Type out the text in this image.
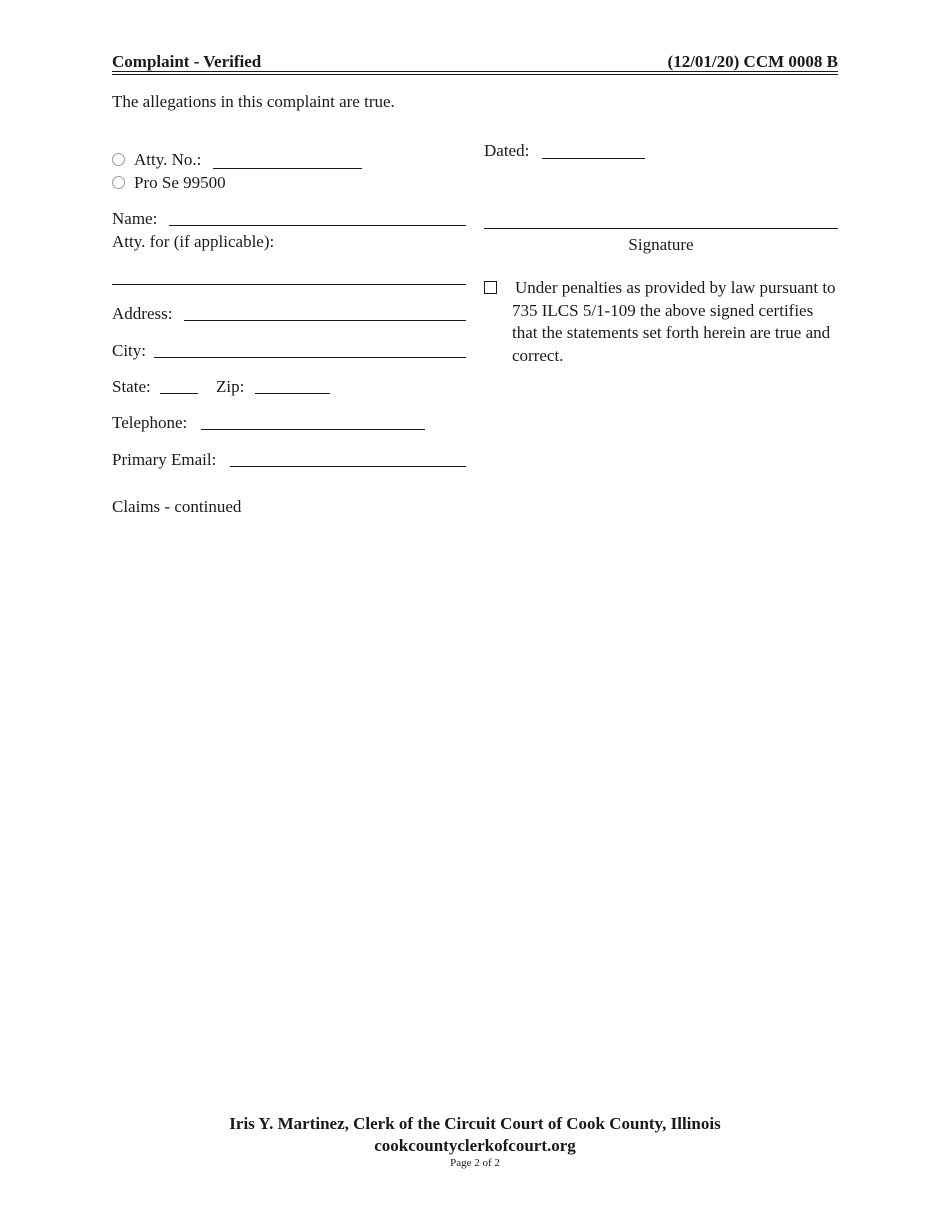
Complaint - Verified	(12/01/20) CCM 0008 B
The allegations in this complaint are true.
Atty. No.:
Pro Se 99500
Name:
Atty. for (if applicable):
Address:
City:
State:	Zip:
Telephone:
Primary Email:
Claims - continued
Dated:
Signature
Under penalties as provided by law pursuant to 735 ILCS 5/1-109 the above signed certifies that the statements set forth herein are true and correct.
Iris Y. Martinez, Clerk of the Circuit Court of Cook County, Illinois
cookcountyclerkofcourt.org
Page 2 of 2
